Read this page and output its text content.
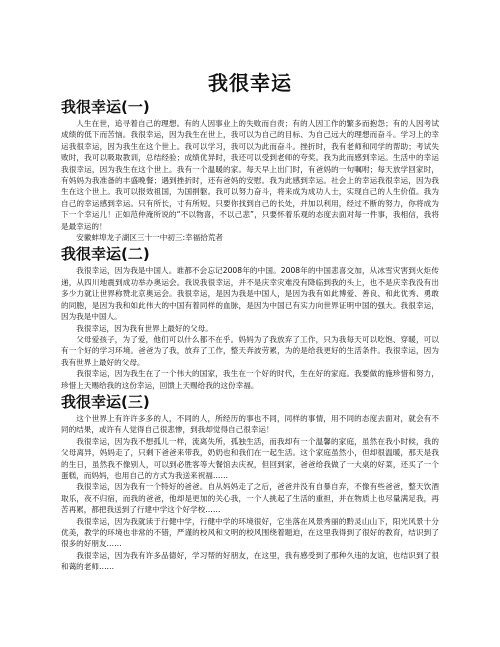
我很幸运
我很幸运(一)

人生在世，追寻着自己的理想。有的人因事业上的失败而自责；有的人因工作的繁多而抱怨；有的人因考试成绩的低下而苦恼。我很幸运，因为我生在世上，我可以为自己的目标、为自己远大的理想而奋斗。学习上的幸运我很幸运，因为我生在这个世上。我可以学习，我可以为此而奋斗。挫折时，我有老师和同学的帮助；考试失败时，我可以吸取教训，总结经验；成绩优异时，我还可以受到老师的夸奖。我为此而感到幸运。生活中的幸运我很幸运，因为我生在这个世上。我有一个温暖的家。每天早上出门时，有爸妈的一句嘱咐；每天放学回家时，有妈妈为我准备的丰盛晚餐；遇到挫折时，还有爸妈的安慰。我为此感到幸运。社会上的幸运我很幸运，因为我生在这个世上。我可以报效祖国，为国捐躯。我可以努力奋斗，将来成为成功人士，实现自己的人生价值。我为自己的幸运感到幸运。只有所长，寸有所短。只要你找到自己的长处，并加以利用，经过不断的努力，你将成为下一个幸运儿！正如范仲淹所说的“不以物喜，不以己悲”，只要怀着乐观的态度去面对每一件事，我相信，我将是最幸运的！

安徽蚌埠龙子湖区三十一中初三:幸福拾荒者

我很幸运(二)

我很幸运，因为我是中国人。谁都不会忘记2008年的中国。2008年的中国悲喜交加，从冰雪灾害到火炬传递，从四川地震到成功举办奥运会。我说我很幸运，并不是庆幸灾难没有降临到我的头上，也不是庆幸我没有出多少力就让世界称赞北京奥运会。我很幸运，是因为我是中国人，是因为我有如此博爱、善良、和此优秀、勇敢的同胞，是因为我和如此伟大的中国有着同样的血脉，是因为中国已有实力向世界证明中国的强大。我很幸运，因为我是中国人。

我很幸运，因为我有世界上最好的父母。

父母爱孩子，为了爱，他们可以什么都不在乎。妈妈为了我放弃了工作，只为我每天可以吃饱、穿暖，可以有一个好的学习环境。爸爸为了我，放弃了工作，整天奔波劳累，为的是给我更好的生活条件。我很幸运，因为我有世界上最好的父母。

我很幸运，因为我生在了一个伟大的国家，我生在一个好的时代，生在好的家庭。我要做的施珍惜和努力，珍惜上天赐给我的这份幸运，回馈上天赐给我的这份幸福。

我很幸运(三)

这个世界上有许许多多的人，不同的人，所经历的事也不同，同样的事情，用不同的态度去面对，就会有不同的结果，或许有人觉得自己很悲惨，到我却觉得自己很幸运！

我很幸运，因为我不想孤儿一样，流离失所，孤独生活，而我却有一个温馨的家庭，虽然在我小时候，我的父母离异，妈妈走了，只剩下爸爸来带我，奶奶也和我们在一起生活。这个家庭虽然小，但却很温暖，那天是我的生日，虽然我不像别人，可以到必胜客等大餐馆去庆祝，但回到家，爸爸给我做了一大桌的好菜，还买了一个蛋糕，而妈妈，也用自己的方式为我送来祝福……

我很幸运，因为我有一个特好的爸爸。自从妈妈走了之后，爸爸并没有自暴自弃，不像有些爸爸，整天饮酒取乐，夜不归宿，而我的爸爸，他却是更加的关心我，一个人挑起了生活的重担，并在物质上也尽量满足我，再苦再累，都把我送到了行建中学这个好学校……

我很幸运，因为我就读于行健中学，行健中学的环境很好，它坐落在风景秀丽的黔灵山山下，阳光风景十分优美，教学的环境也非常的不错，严谨的校风和文明的校风围绕着题迫，在这里我得到了很好的教育，结识到了很多的好朋友……

我很幸运，因为我有许多品德好，学习帮的好朋友，在这里，我有感受到了那种久违的友谊，也结识到了很和蔼的老师……
